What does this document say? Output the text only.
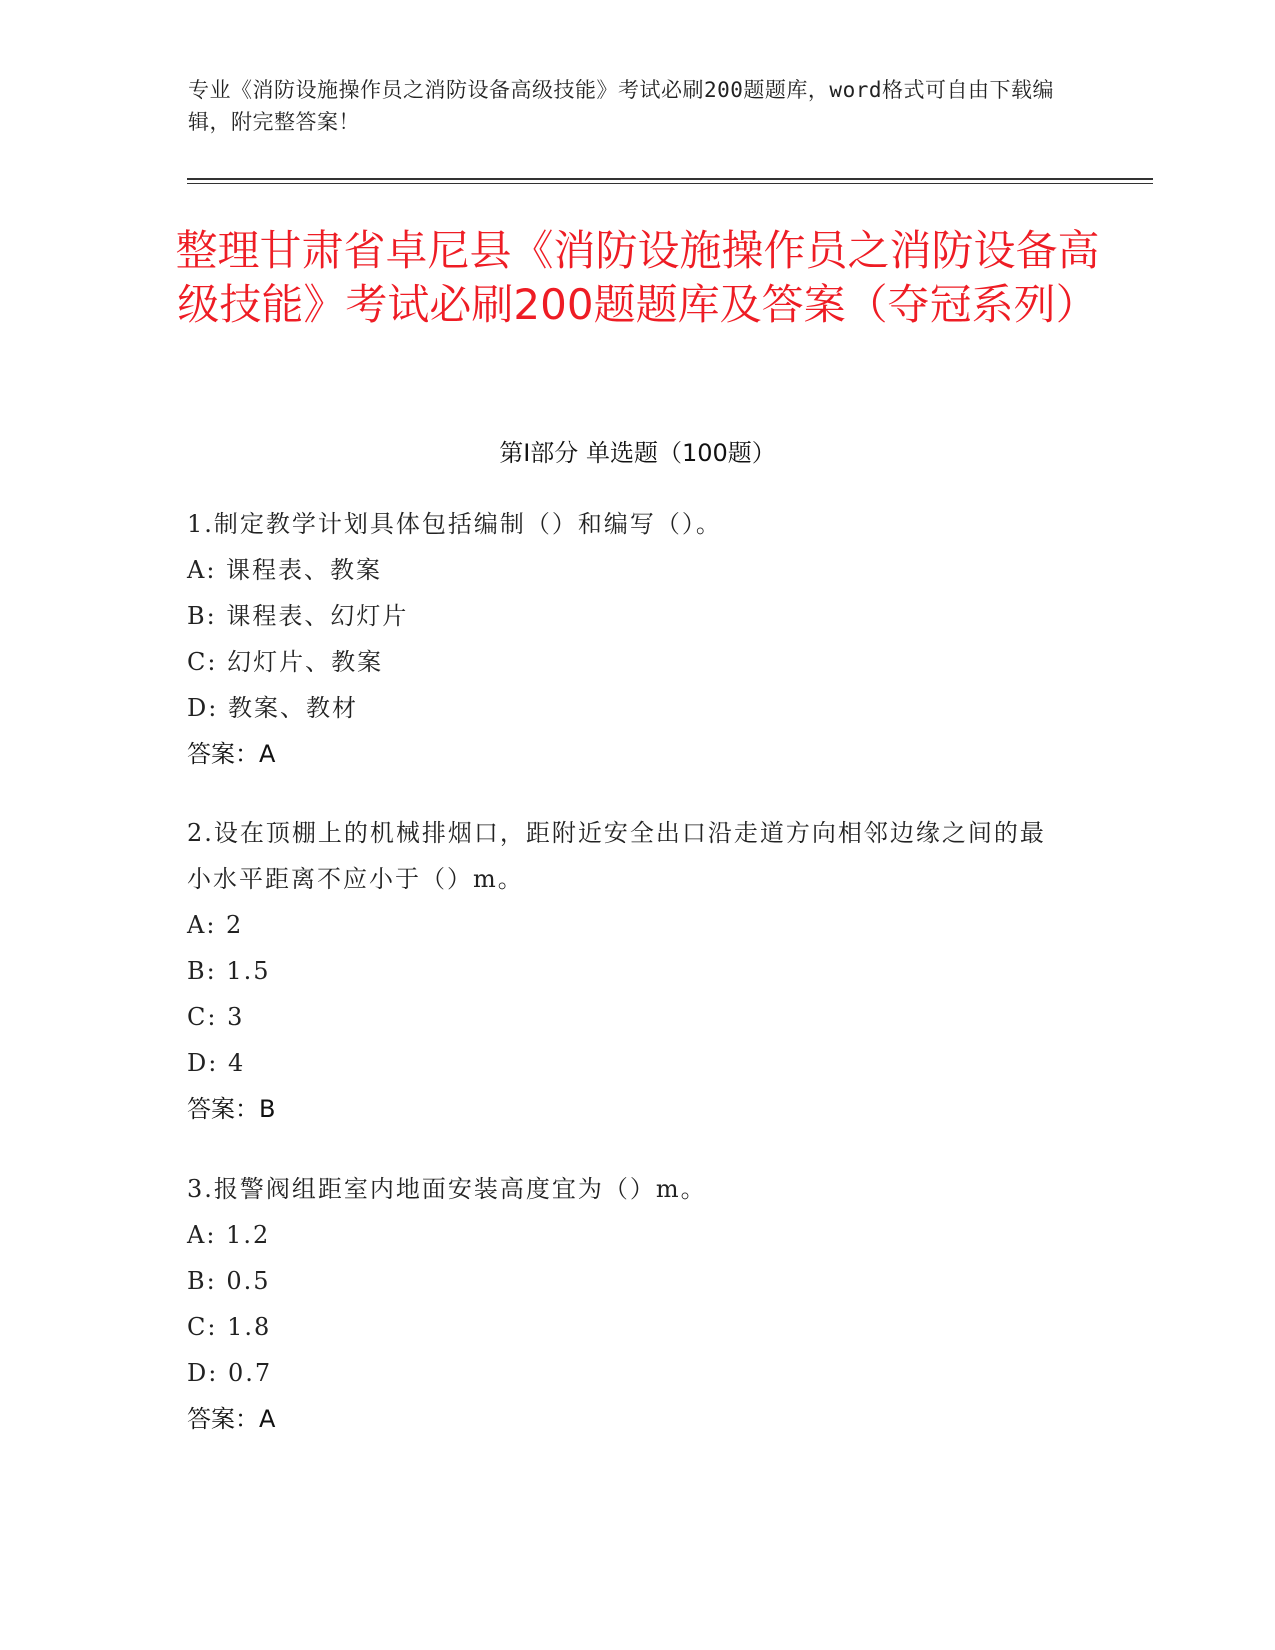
专业《消防设施操作员之消防设备高级技能》考试必刷200题题库，word格式可自由下载编辑，附完整答案！
整理甘肃省卓尼县《消防设施操作员之消防设备高级技能》考试必刷200题题库及答案（夺冠系列）
第I部分 单选题（100题）
1.制定教学计划具体包括编制（）和编写（）。
A: 课程表、教案
B: 课程表、幻灯片
C: 幻灯片、教案
D: 教案、教材
答案：A
2.设在顶棚上的机械排烟口，距附近安全出口沿走道方向相邻边缘之间的最小水平距离不应小于（）m。
A: 2
B: 1.5
C: 3
D: 4
答案：B
3.报警阀组距室内地面安装高度宜为（）m。
A: 1.2
B: 0.5
C: 1.8
D: 0.7
答案：A
